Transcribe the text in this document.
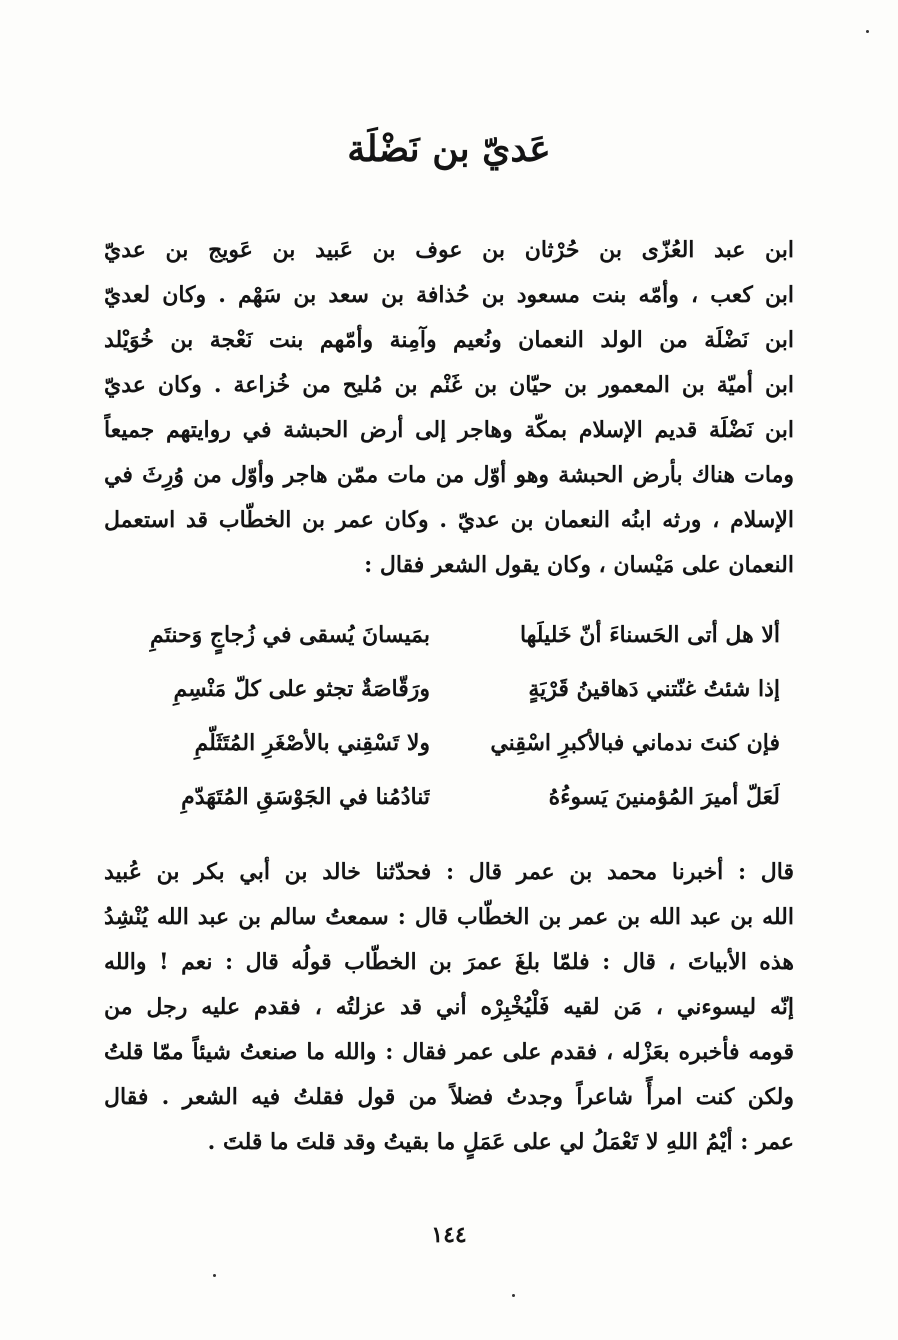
عَديّ بن نَضْلَة
ابن عبد العُزّى بن حُرْثان بن عوف بن عَبيد بن عَويج بن عديّ
ابن كعب ، وأمّه بنت مسعود بن حُذافة بن سعد بن سَهْم . وكان لعديّ
ابن نَضْلَة من الولد النعمان ونُعيم وآمِنة وأمّهم بنت نَعْجة بن خُوَيْلد
ابن أميّة بن المعمور بن حيّان بن غَنْم بن مُليح من خُزاعة . وكان عديّ
ابن نَضْلَة قديم الإسلام بمكّة وهاجر إلى أرض الحبشة في روايتهم جميعاً
ومات هناك بأرض الحبشة وهو أوّل من مات ممّن هاجر وأوّل من وُرِثَ في
الإسلام ، ورثه ابنُه النعمان بن عديّ . وكان عمر بن الخطّاب قد استعمل
النعمان على مَيْسان ، وكان يقول الشعر فقال :
ألا هل أتى الحَسناءَ أنّ خَليلَها
بمَيسانَ يُسقى في زُجاجٍ وَحنتَمِ
إذا شئتُ غنّتني دَهاقينُ قَرْيَةٍ
ورَقّاصَةٌ تجثو على كلّ مَنْسِمِ
فإن كنتَ ندماني فبالأكبرِ اسْقِني
ولا تَسْقِني بالأصْغَرِ المُتَثَلّمِ
لَعَلّ أميرَ المُؤمنينَ يَسوءُهُ
تَنادُمُنا في الجَوْسَقِ المُتَهَدّمِ
قال : أخبرنا محمد بن عمر قال : فحدّثنا خالد بن أبي بكر بن عُبيد
الله بن عبد الله بن عمر بن الخطّاب قال : سمعتُ سالم بن عبد الله يُنْشِدُ
هذه الأبياتَ ، قال : فلمّا بلغَ عمرَ بن الخطّاب قولُه قال : نعم ! والله
إنّه ليسوءني ، مَن لقيه فَلْيُخْبِرْه أني قد عزلتُه ، فقدم عليه رجل من
قومه فأخبره بعَزْله ، فقدم على عمر فقال : والله ما صنعتُ شيئاً ممّا قلتُ
ولكن كنت امرأً شاعراً وجدتُ فضلاً من قول فقلتُ فيه الشعر . فقال
عمر : أيْمُ اللهِ لا تَعْمَلُ لي على عَمَلٍ ما بقيتُ وقد قلتَ ما قلتَ .
١٤٤
